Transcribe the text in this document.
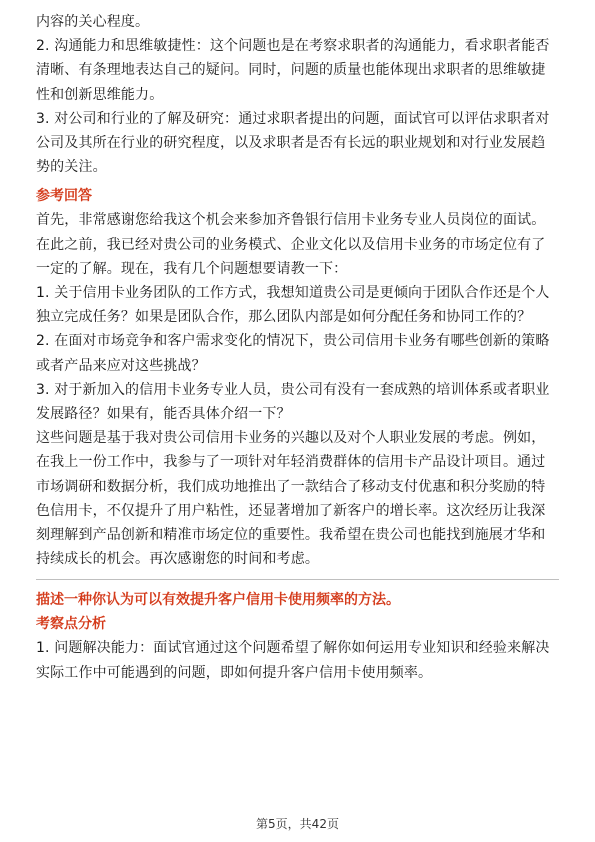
内容的关心程度。

2. 沟通能力和思维敏捷性：这个问题也是在考察求职者的沟通能力，看求职者能否

清晰、有条理地表达自己的疑问。同时，问题的质量也能体现出求职者的思维敏捷

性和创新思维能力。

3. 对公司和行业的了解及研究：通过求职者提出的问题，面试官可以评估求职者对

公司及其所在行业的研究程度，以及求职者是否有长远的职业规划和对行业发展趋

势的关注。

参考回答

首先，非常感谢您给我这个机会来参加齐鲁银行信用卡业务专业人员岗位的面试。

在此之前，我已经对贵公司的业务模式、企业文化以及信用卡业务的市场定位有了

一定的了解。现在，我有几个问题想要请教一下：

1. 关于信用卡业务团队的工作方式，我想知道贵公司是更倾向于团队合作还是个人

独立完成任务？如果是团队合作，那么团队内部是如何分配任务和协同工作的？

2. 在面对市场竞争和客户需求变化的情况下，贵公司信用卡业务有哪些创新的策略

或者产品来应对这些挑战？

3. 对于新加入的信用卡业务专业人员，贵公司有没有一套成熟的培训体系或者职业

发展路径？如果有，能否具体介绍一下？

这些问题是基于我对贵公司信用卡业务的兴趣以及对个人职业发展的考虑。例如，

在我上一份工作中，我参与了一项针对年轻消费群体的信用卡产品设计项目。通过

市场调研和数据分析，我们成功地推出了一款结合了移动支付优惠和积分奖励的特

色信用卡，不仅提升了用户粘性，还显著增加了新客户的增长率。这次经历让我深

刻理解到产品创新和精准市场定位的重要性。我希望在贵公司也能找到施展才华和

持续成长的机会。再次感谢您的时间和考虑。

描述一种你认为可以有效提升客户信用卡使用频率的方法。

考察点分析

1. 问题解决能力：面试官通过这个问题希望了解你如何运用专业知识和经验来解决

实际工作中可能遇到的问题，即如何提升客户信用卡使用频率。

第5页，共42页
